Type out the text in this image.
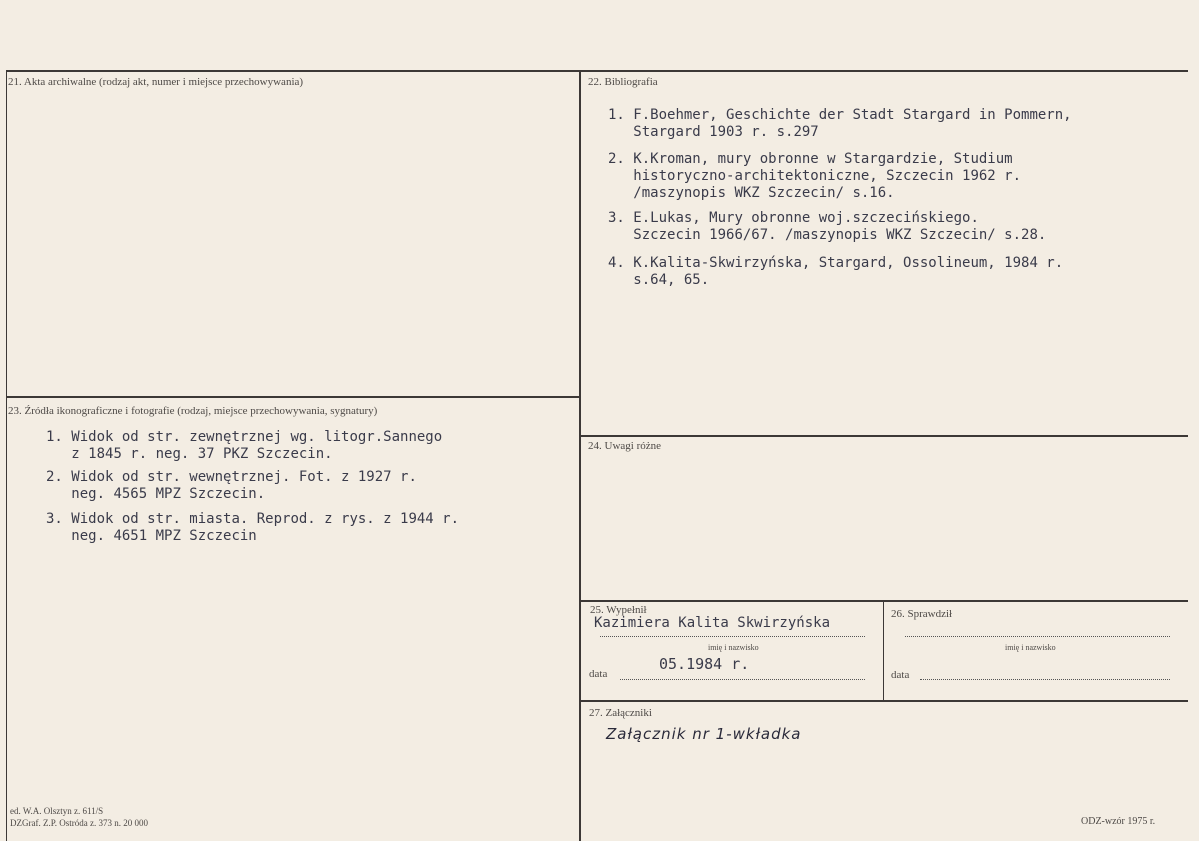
21. Akta archiwalne (rodzaj akt, numer i miejsce przechowywania)	22. Bibliografia
1. F.Boehmer, Geschichte der Stadt Stargard in Pommern,
Stargard 1903 r. s.297
2. K.Kroman, mury obronne w Stargardzie, Studium
historyczno-architektoniczne, Szczecin 1962 r.
/maszynopis WKZ Szczecin/ s.16.
3. E.Lukas, Mury obronne woj.szczecińskiego.
Szczecin 1966/67. /maszynopis WKZ Szczecin/ s.28.
4. K.Kalita-Skwirzyńska, Stargard, Ossolineum, 1984 r.
s.64, 65.
23. Źródła ikonograficzne i fotografie (rodzaj, miejsce przechowywania, sygnatury)
1. Widok od str. zewnętrznej wg. litogr.Sannego
z 1845 r. neg. 37 PKZ Szczecin.
2. Widok od str. wewnętrznej. Fot. z 1927 r.
neg. 4565 MPZ Szczecin.
3. Widok od str. miasta. Reprod. z rys. z 1944 r.
neg. 4651 MPZ Szczecin
24. Uwagi różne
25. Wypełnił
Kazimiera Kalita Skwirzyńska
imię i nazwisko
05.1984 r.
data
26. Sprawdził
imię i nazwisko
data
27. Załączniki
Załącznik nr 1-wkładka
ed. W.A. Olsztyn z. 611/S
DZGraf. Z.P. Ostróda z. 373 n. 20 000	ODZ-wzór 1975 r.
